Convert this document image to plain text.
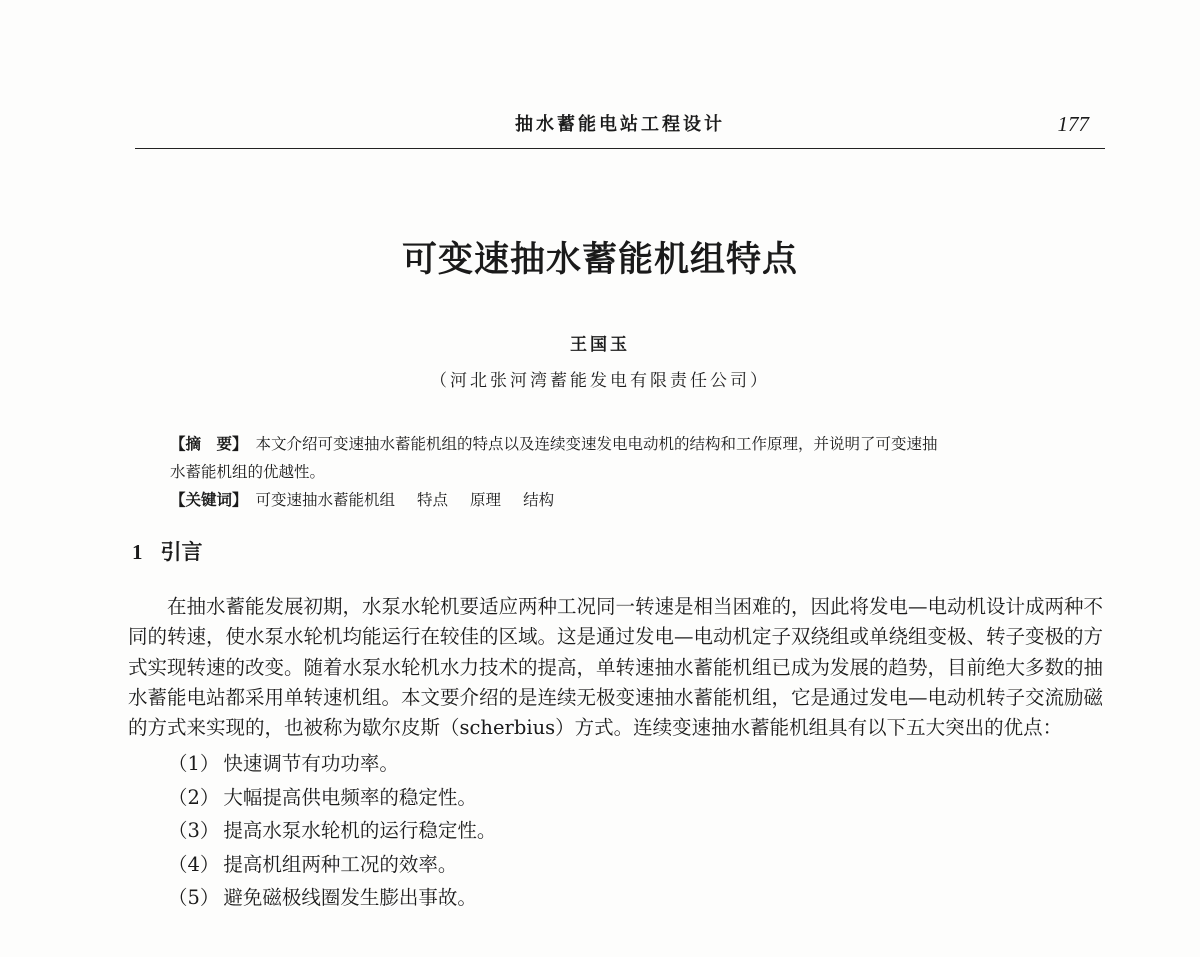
抽水蓄能电站工程设计	177
可变速抽水蓄能机组特点
王国玉
（河北张河湾蓄能发电有限责任公司）
【摘　要】 本文介绍可变速抽水蓄能机组的特点以及连续变速发电电动机的结构和工作原理，并说明了可变速抽
水蓄能机组的优越性。
【关键词】 可变速抽水蓄能机组 特点 原理 结构
1 引言

在抽水蓄能发展初期，水泵水轮机要适应两种工况同一转速是相当困难的，因此将发电—电动机设计成两种不同的转速，使水泵水轮机均能运行在较佳的区域。这是通过发电—电动机定子双绕组或单绕组变极、转子变极的方式实现转速的改变。随着水泵水轮机水力技术的提高，单转速抽水蓄能机组已成为发展的趋势，目前绝大多数的抽水蓄能电站都采用单转速机组。本文要介绍的是连续无极变速抽水蓄能机组，它是通过发电—电动机转子交流励磁的方式来实现的，也被称为歇尔皮斯（scherbius）方式。连续变速抽水蓄能机组具有以下五大突出的优点：

（1） 快速调节有功功率。
（2） 大幅提高供电频率的稳定性。
（3） 提高水泵水轮机的运行稳定性。
（4） 提高机组两种工况的效率。
（5） 避免磁极线圈发生膨出事故。
